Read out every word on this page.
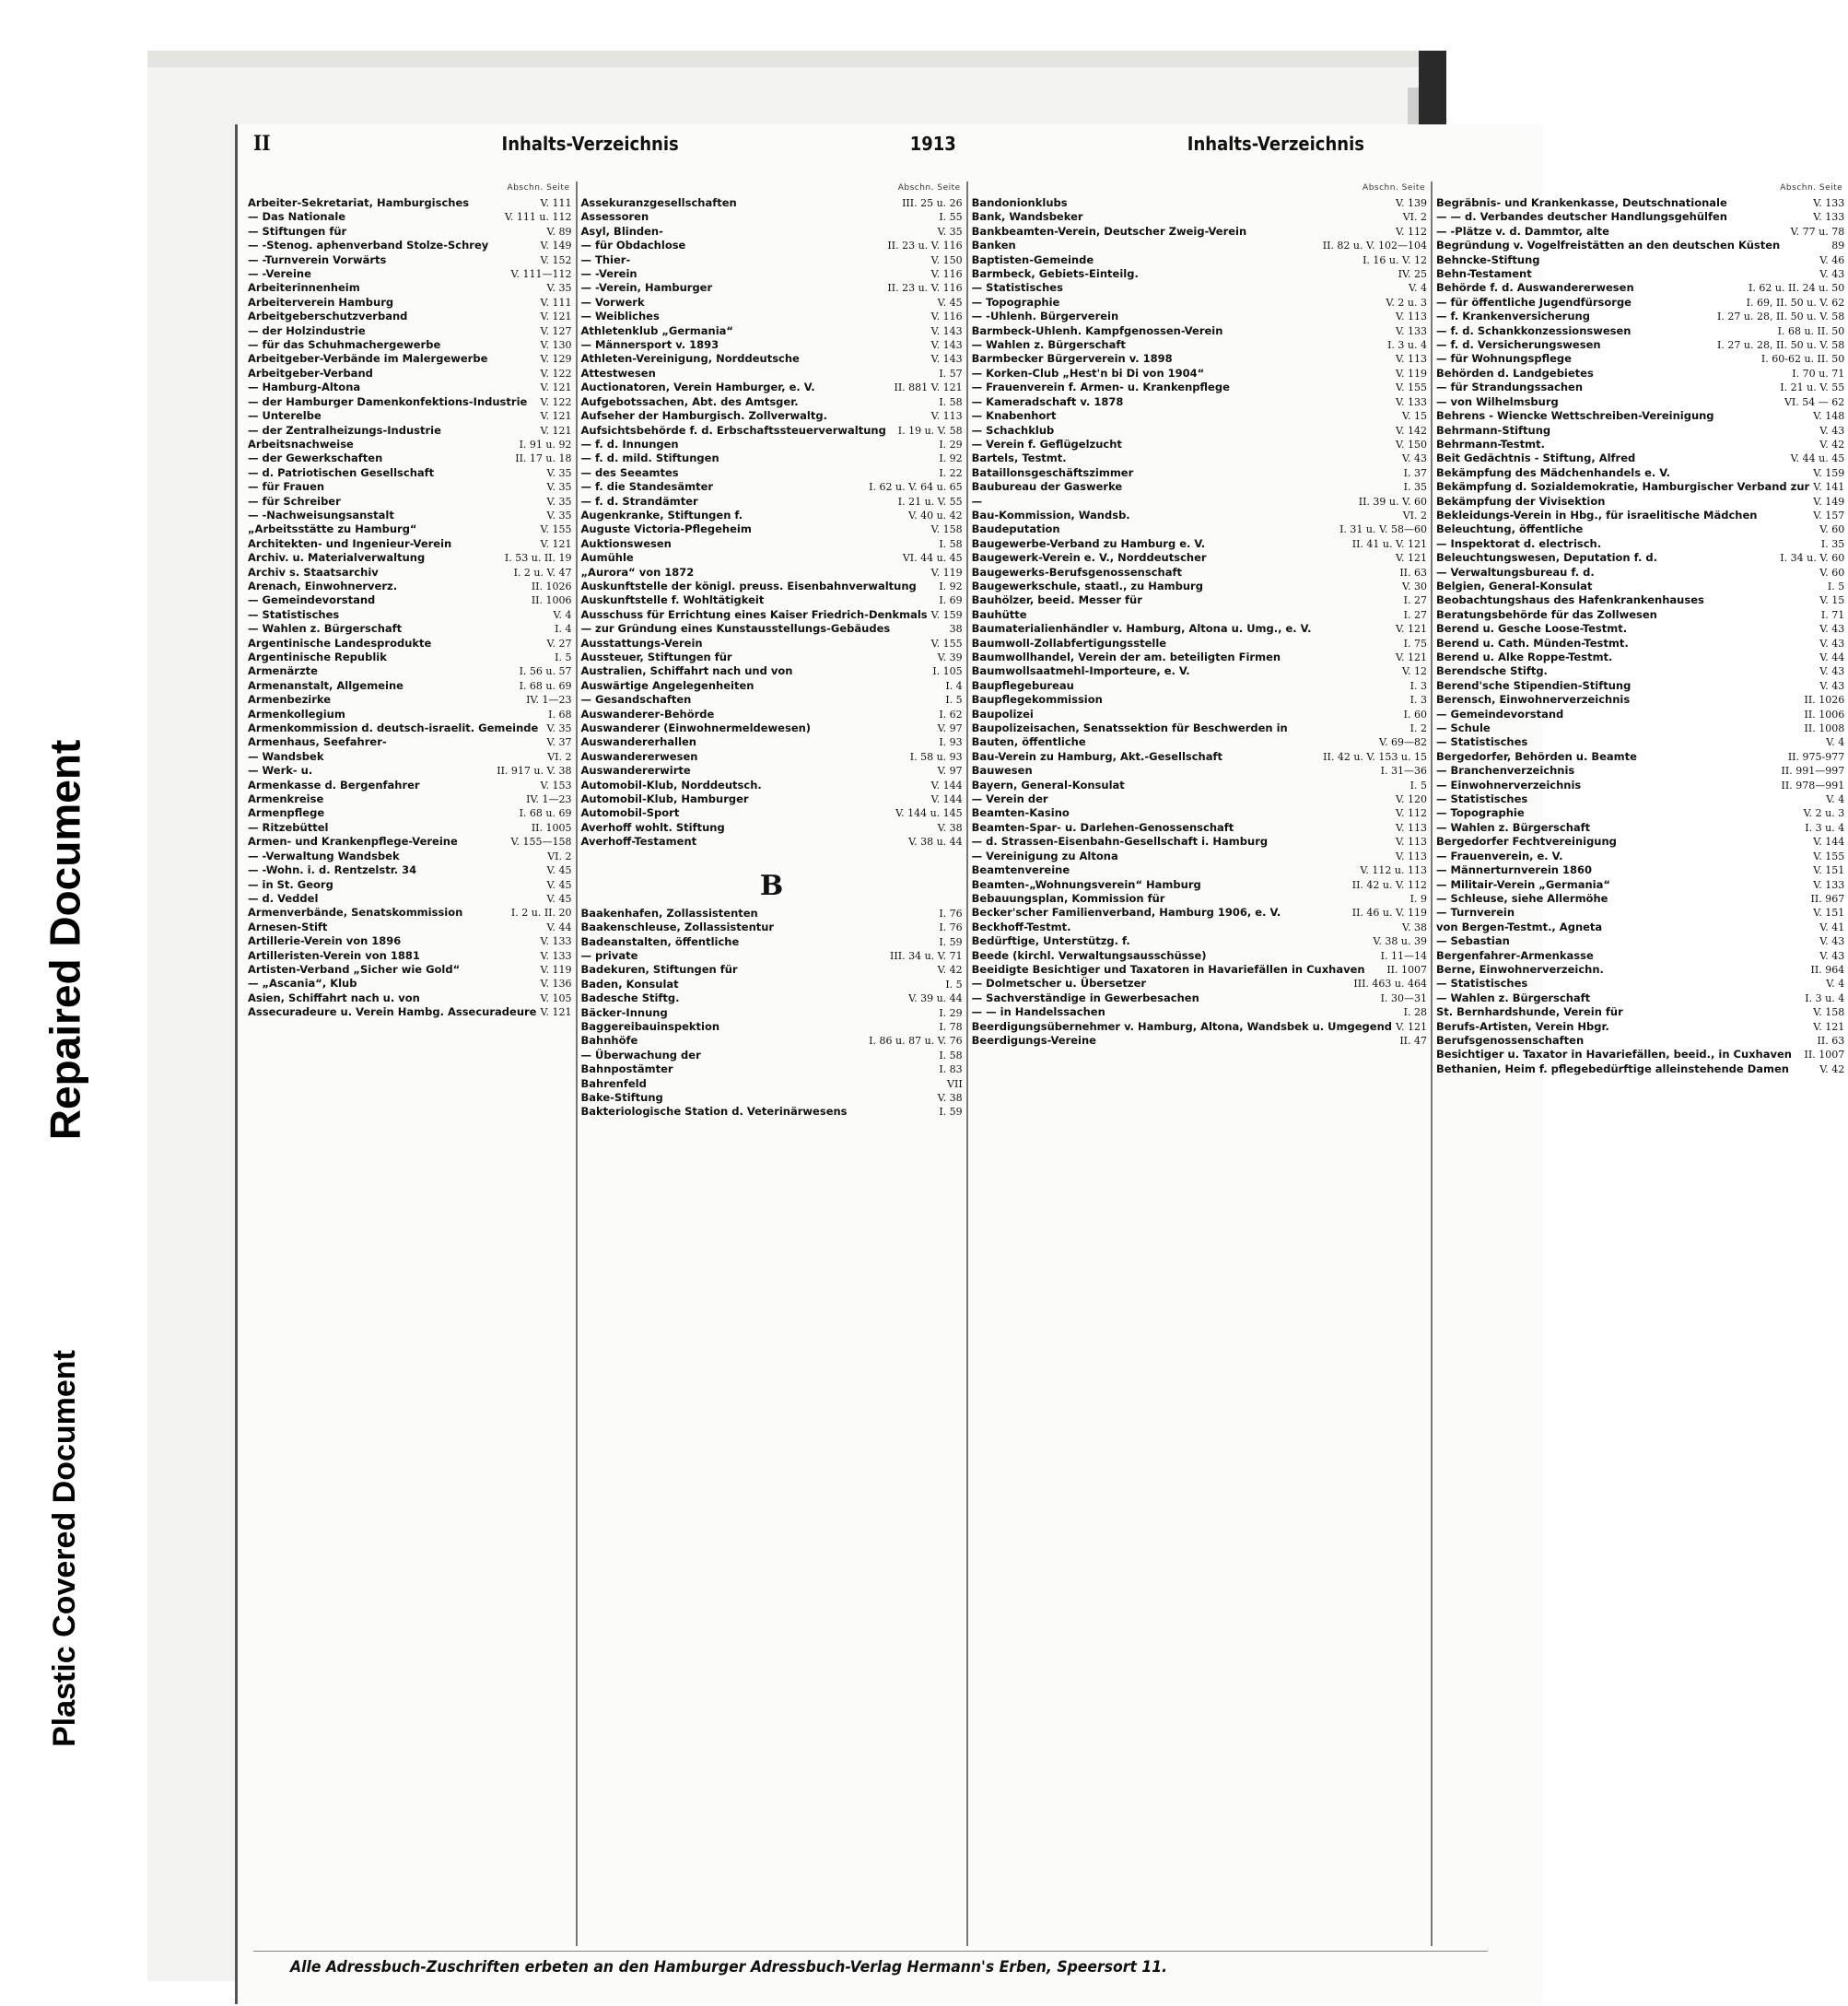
Repaired Document
Plastic Covered Document
II	Inhalts-Verzeichnis	1913	Inhalts-Verzeichnis
Abschn. Seite
Arbeiter-Sekretariat, Hamburgisches	V. 111
— Das Nationale	V. 111 u. 112
— Stiftungen für	V. 89
— -Stenog. aphenverband Stolze-Schrey	V. 149
— -Turnverein Vorwärts	V. 152
— -Vereine	V. 111—112
Arbeiterinnenheim	V. 35
Arbeiterverein Hamburg	V. 111
Arbeitgeberschutzverband	V. 121
— der Holzindustrie	V. 127
— für das Schuhmachergewerbe	V. 130
Arbeitgeber-Verbände im Malergewerbe	V. 129
Arbeitgeber-Verband	V. 122
— Hamburg-Altona	V. 121
— der Hamburger Damenkonfektions-Industrie	V. 122
— Unterelbe	V. 121
— der Zentralheizungs-Industrie	V. 121
Arbeitsnachweise	I. 91 u. 92
— der Gewerkschaften	II. 17 u. 18
— d. Patriotischen Gesellschaft	V. 35
— für Frauen	V. 35
— für Schreiber	V. 35
— -Nachweisungsanstalt	V. 35
„Arbeitsstätte zu Hamburg“	V. 155
Architekten- und Ingenieur-Verein	V. 121
Archiv. u. Materialverwaltung	I. 53 u. II. 19
Archiv s. Staatsarchiv	I. 2 u. V. 47
Arenach, Einwohnerverz.	II. 1026
— Gemeindevorstand	II. 1006
— Statistisches	V. 4
— Wahlen z. Bürgerschaft	I. 4
Argentinische Landesprodukte	V. 27
Argentinische Republik	I. 5
Armenärzte	I. 56 u. 57
Armenanstalt, Allgemeine	I. 68 u. 69
Armenbezirke	IV. 1—23
Armenkollegium	I. 68
Armenkommission d. deutsch-israelit. Gemeinde V. 35
Armenhaus, Seefahrer-	V. 37
— Wandsbek	VI. 2
— Werk- u.	II. 917 u. V. 38
Armenkasse d. Bergenfahrer	V. 153
Armenkreise	IV. 1—23
Armenpflege	I. 68 u. 69
— Ritzebüttel	II. 1005
Armen- und Krankenpflege-Vereine	V. 155—158
— -Verwaltung Wandsbek	VI. 2
— -Wohn. i. d. Rentzelstr. 34	V. 45
— in St. Georg	V. 45
— d. Veddel	V. 45
Armenverbände, Senatskommission	I. 2 u. II. 20
Arnesen-Stift	V. 44
Artillerie-Verein von 1896	V. 133
Artilleristen-Verein von 1881	V. 133
Artisten-Verband „Sicher wie Gold“	V. 119
— „Ascania“, Klub	V. 136
Asien, Schiffahrt nach u. von	V. 105
Assecuradeure u. Verein Hambg. Assecuradeure V. 121
Abschn. Seite
Assekuranzgesellschaften	III. 25 u. 26
Assessoren	I. 55
Asyl, Blinden-	V. 35
— für Obdachlose	II. 23 u. V. 116
— Thier-	V. 150
— -Verein	V. 116
— -Verein, Hamburger	II. 23 u. V. 116
— Vorwerk	V. 45
— Weibliches	V. 116
Athletenklub „Germania“	V. 143
— Männersport v. 1893	V. 143
Athleten-Vereinigung, Norddeutsche	V. 143
Attestwesen	I. 57
Auctionatoren, Verein Hamburger, e. V.	II. 881 V. 121
Aufgebotssachen, Abt. des Amtsger.	I. 58
Aufseher der Hamburgisch. Zollverwaltg.	V. 113
Aufsichtsbehörde f. d. Erbschaftssteuerverwaltung	I. 19 u. V. 58
— f. d. Innungen	I. 29
— f. d. mild. Stiftungen	I. 92
— des Seeamtes	I. 22
— f. die Standesämter	I. 62 u. V. 64 u. 65
— f. d. Strandämter	I. 21 u. V. 55
Augenkranke, Stiftungen f.	V. 40 u. 42
Auguste Victoria-Pflegeheim	V. 158
Auktionswesen	I. 58
Aumühle	VI. 44 u. 45
„Aurora“ von 1872	V. 119
Auskunftstelle der königl. preuss. Eisenbahnverwaltung	I. 92
Auskunftstelle f. Wohltätigkeit	I. 69
Ausschuss für Errichtung eines Kaiser Friedrich-Denkmals V. 159
— zur Gründung eines Kunstausstellungs-Gebäudes	38
Ausstattungs-Verein	V. 155
Aussteuer, Stiftungen für	V. 39
Australien, Schiffahrt nach und von	I. 105
Auswärtige Angelegenheiten	I. 4
— Gesandschaften	I. 5
Auswanderer-Behörde	I. 62
Auswanderer (Einwohnermeldewesen)	V. 97
Auswandererhallen	I. 93
Auswandererwesen	I. 58 u. 93
Auswandererwirte	V. 97
Automobil-Klub, Norddeutsch.	V. 144
Automobil-Klub, Hamburger	V. 144
Automobil-Sport	V. 144 u. 145
Averhoff wohlt. Stiftung	V. 38
Averhoff-Testament	V. 38 u. 44
B
Baakenhafen, Zollassistenten	I. 76
Baakenschleuse, Zollassistentur	I. 76
Badeanstalten, öffentliche	I. 59
— private	III. 34 u. V. 71
Badekuren, Stiftungen für	V. 42
Baden, Konsulat	I. 5
Badesche Stiftg.	V. 39 u. 44
Bäcker-Innung	I. 29
Baggereibauinspektion	I. 78
Bahnhöfe	I. 86 u. 87 u. V. 76
— Überwachung der	I. 58
Bahnpostämter	I. 83
Bahrenfeld	VII
Bake-Stiftung	V. 38
Bakteriologische Station d. Veterinärwesens	I. 59
Abschn. Seite
Bandonionklubs	V. 139
Bank, Wandsbeker	VI. 2
Bankbeamten-Verein, Deutscher Zweig-Verein	V. 112
Banken	II. 82 u. V. 102—104
Baptisten-Gemeinde	I. 16 u. V. 12
Barmbeck, Gebiets-Einteilg.	IV. 25
— Statistisches	V. 4
— Topographie	V. 2 u. 3
— -Uhlenh. Bürgerverein	V. 113
Barmbeck-Uhlenh. Kampfgenossen-Verein	V. 133
— Wahlen z. Bürgerschaft	I. 3 u. 4
Barmbecker Bürgerverein v. 1898	V. 113
— Korken-Club „Hest'n bi Di von 1904“	V. 119
— Frauenverein f. Armen- u. Krankenpflege	V. 155
— Kameradschaft v. 1878	V. 133
— Knabenhort	V. 15
— Schachklub	V. 142
— Verein f. Geflügelzucht	V. 150
Bartels, Testmt.	V. 43
Bataillonsgeschäftszimmer	I. 37
Baubureau der Gaswerke	I. 35
—	II. 39 u. V. 60
Bau-Kommission, Wandsb.	VI. 2
Baudeputation	I. 31 u. V. 58—60
Baugewerbe-Verband zu Hamburg e. V.	II. 41 u. V. 121
Baugewerk-Verein e. V., Norddeutscher	V. 121
Baugewerks-Berufsgenossenschaft	II. 63
Baugewerkschule, staatl., zu Hamburg	V. 30
Bauhölzer, beeid. Messer für	I. 27
Bauhütte	I. 27
Baumaterialienhändler v. Hamburg, Altona u. Umg., e. V.	V. 121
Baumwoll-Zollabfertigungsstelle	I. 75
Baumwollhandel, Verein der am. beteiligten Firmen	V. 121
Baumwollsaatmehl-Importeure, e. V.	V. 12
Baupflegebureau	I. 3
Baupflegekommission	I. 3
Baupolizei	I. 60
Baupolizeisachen, Senatssektion für Beschwerden in	I. 2
Bauten, öffentliche	V. 69—82
Bau-Verein zu Hamburg, Akt.-Gesellschaft	II. 42 u. V. 153 u. 15
Bauwesen	I. 31—36
Bayern, General-Konsulat	I. 5
— Verein der	V. 120
Beamten-Kasino	V. 112
Beamten-Spar- u. Darlehen-Genossenschaft	V. 113
— d. Strassen-Eisenbahn-Gesellschaft i. Hamburg	V. 113
— Vereinigung zu Altona	V. 113
Beamtenvereine	V. 112 u. 113
Beamten-„Wohnungsverein“ Hamburg	II. 42 u. V. 112
Bebauungsplan, Kommission für	I. 9
Becker'scher Familienverband, Hamburg 1906, e. V.	II. 46 u. V. 119
Beckhoff-Testmt.	V. 38
Bedürftige, Unterstützg. f.	V. 38 u. 39
Beede (kirchl. Verwaltungsausschüsse)	I. 11—14
Beeidigte Besichtiger und Taxatoren in Havariefällen in Cuxhaven	II. 1007
— Dolmetscher u. Übersetzer	III. 463 u. 464
— Sachverständige in Gewerbesachen	I. 30—31
— — in Handelssachen	I. 28
Beerdigungsübernehmer v. Hamburg, Altona, Wandsbek u. Umgegend V. 121
Beerdigungs-Vereine	II. 47
Abschn. Seite
Begräbnis- und Krankenkasse, Deutschnationale	V. 133
— — d. Verbandes deutscher Handlungsgehülfen	V. 133
— -Plätze v. d. Dammtor, alte	V. 77 u. 78
Begründung v. Vogelfreistätten an den deutschen Küsten	89
Behncke-Stiftung	V. 46
Behn-Testament	V. 43
Behörde f. d. Auswandererwesen	I. 62 u. II. 24 u. 50
— für öffentliche Jugendfürsorge	I. 69, II. 50 u. V. 62
— f. Krankenversicherung	I. 27 u. 28, II. 50 u. V. 58
— f. d. Schankkonzessionswesen	I. 68 u. II. 50
— f. d. Versicherungswesen	I. 27 u. 28, II. 50 u. V. 58
— für Wohnungspflege	I. 60-62 u. II. 50
Behörden d. Landgebietes	I. 70 u. 71
— für Strandungssachen	I. 21 u. V. 55
— von Wilhelmsburg	VI. 54 — 62
Behrens - Wiencke Wettschreiben-Vereinigung	V. 148
Behrmann-Stiftung	V. 43
Behrmann-Testmt.	V. 42
Beit Gedächtnis - Stiftung, Alfred	V. 44 u. 45
Bekämpfung des Mädchenhandels e. V.	V. 159
Bekämpfung d. Sozialdemokratie, Hamburgischer Verband zur V. 141
Bekämpfung der Vivisektion	V. 149
Bekleidungs-Verein in Hbg., für israelitische Mädchen	V. 157
Beleuchtung, öffentliche	V. 60
— Inspektorat d. electrisch.	I. 35
Beleuchtungswesen, Deputation f. d.	I. 34 u. V. 60
— Verwaltungsbureau f. d.	V. 60
Belgien, General-Konsulat	I. 5
Beobachtungshaus des Hafenkrankenhauses	V. 15
Beratungsbehörde für das Zollwesen	I. 71
Berend u. Gesche Loose-Testmt.	V. 43
Berend u. Cath. Münden-Testmt.	V. 43
Berend u. Alke Roppe-Testmt.	V. 44
Berendsche Stiftg.	V. 43
Berend'sche Stipendien-Stiftung	V. 43
Berensch, Einwohnerverzeichnis	II. 1026
— Gemeindevorstand	II. 1006
— Schule	II. 1008
— Statistisches	V. 4
Bergedorfer, Behörden u. Beamte	II. 975-977
— Branchenverzeichnis	II. 991—997
— Einwohnerverzeichnis	II. 978—991
— Statistisches	V. 4
— Topographie	V. 2 u. 3
— Wahlen z. Bürgerschaft	I. 3 u. 4
Bergedorfer Fechtvereinigung	V. 144
— Frauenverein, e. V.	V. 155
— Männerturnverein 1860	V. 151
— Militair-Verein „Germania“	V. 133
— Schleuse, siehe Allermöhe	II. 967
— Turnverein	V. 151
von Bergen-Testmt., Agneta	V. 41
— Sebastian	V. 43
Bergenfahrer-Armenkasse	V. 43
Berne, Einwohnerverzeichn.	II. 964
— Statistisches	V. 4
— Wahlen z. Bürgerschaft	I. 3 u. 4
St. Bernhardshunde, Verein für	V. 158
Berufs-Artisten, Verein Hbgr.	V. 121
Berufsgenossenschaften	II. 63
Besichtiger u. Taxator in Havariefällen, beeid., in Cuxhaven	II. 1007
Bethanien, Heim f. pflegebedürftige alleinstehende Damen	V. 42
Alle Adressbuch-Zuschriften erbeten an den Hamburger Adressbuch-Verlag Hermann's Erben, Speersort 11.
